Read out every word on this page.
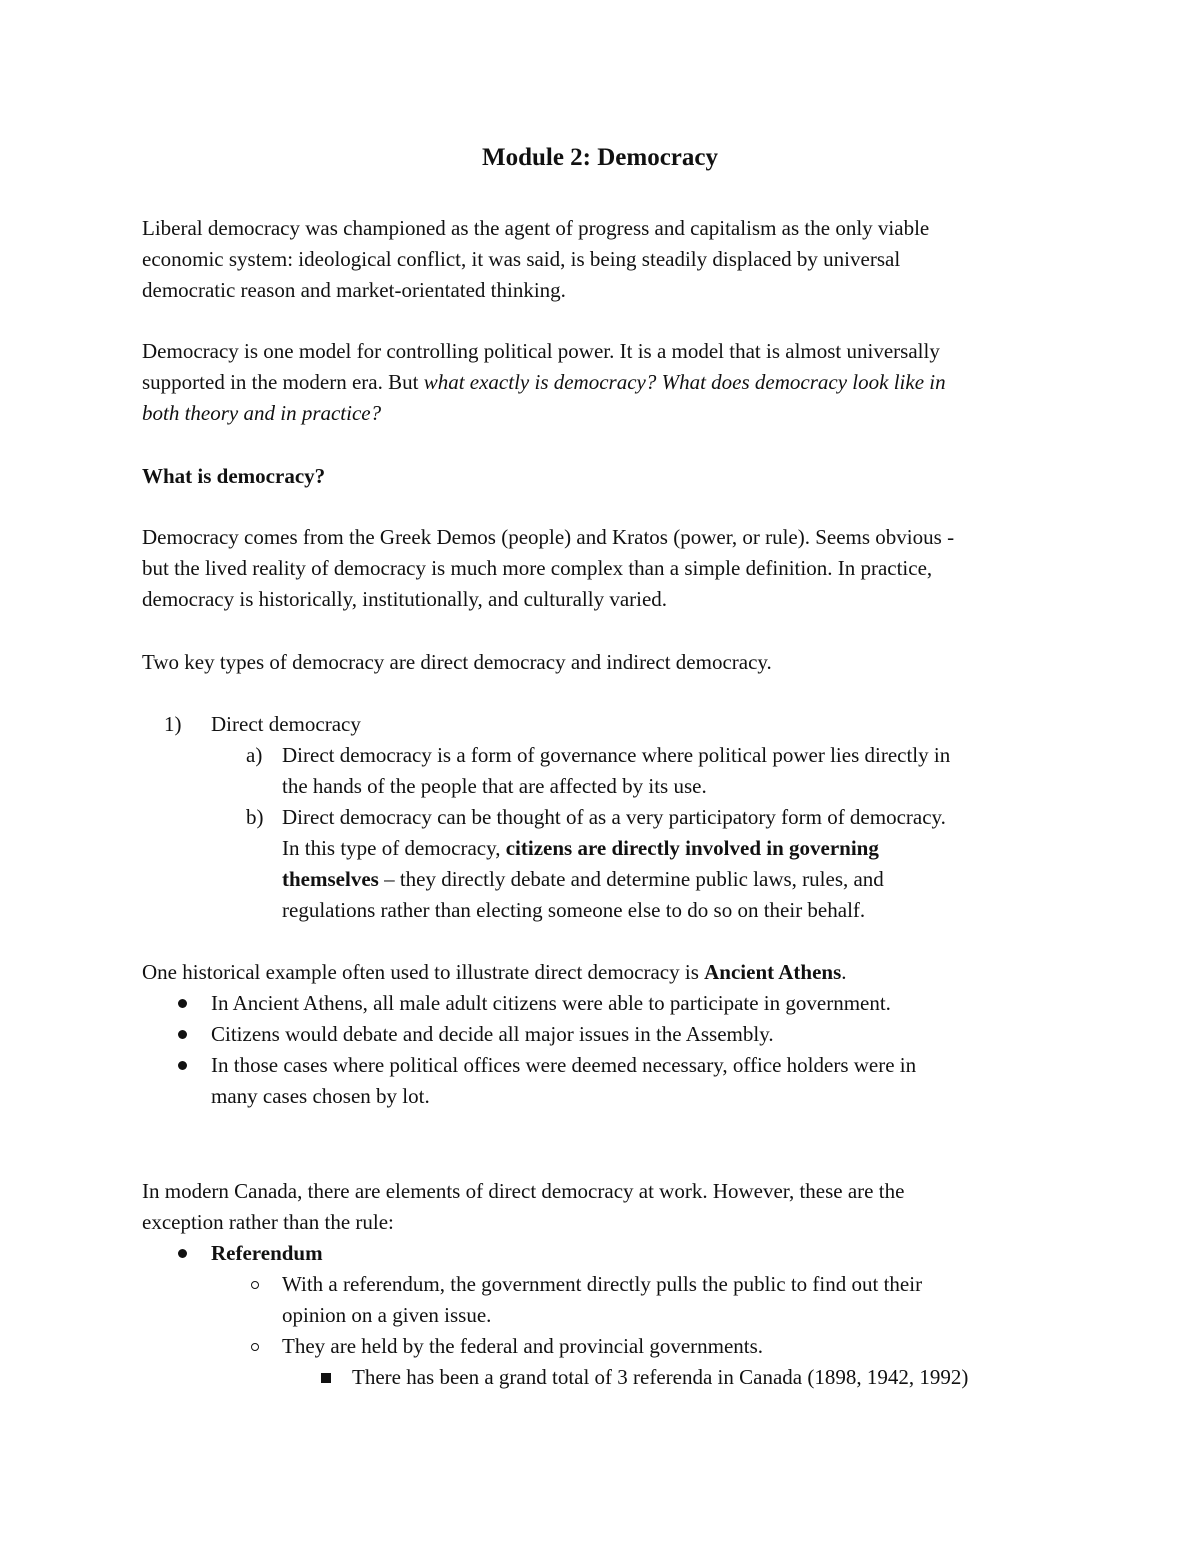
Module 2: Democracy

Liberal democracy was championed as the agent of progress and capitalism as the only viable

economic system: ideological conflict, it was said, is being steadily displaced by universal

democratic reason and market-orientated thinking.

Democracy is one model for controlling political power. It is a model that is almost universally

supported in the modern era. But what exactly is democracy? What does democracy look like in

both theory and in practice?

What is democracy?

Democracy comes from the Greek Demos (people) and Kratos (power, or rule). Seems obvious -

but the lived reality of democracy is much more complex than a simple definition. In practice,

democracy is historically, institutionally, and culturally varied.

Two key types of democracy are direct democracy and indirect democracy.
1) Direct democracy
a) Direct democracy is a form of governance where political power lies directly in

the hands of the people that are affected by its use.

b) Direct democracy can be thought of as a very participatory form of democracy.

In this type of democracy, citizens are directly involved in governing

themselves – they directly debate and determine public laws, rules, and

regulations rather than electing someone else to do so on their behalf.

One historical example often used to illustrate direct democracy is Ancient Athens.
In Ancient Athens, all male adult citizens were able to participate in government.
Citizens would debate and decide all major issues in the Assembly.

In those cases where political offices were deemed necessary, office holders were in

many cases chosen by lot.

In modern Canada, there are elements of direct democracy at work. However, these are the

exception rather than the rule:

Referendum

With a referendum, the government directly pulls the public to find out their

opinion on a given issue.

They are held by the federal and provincial governments.
There has been a grand total of 3 referenda in Canada (1898, 1942, 1992)
